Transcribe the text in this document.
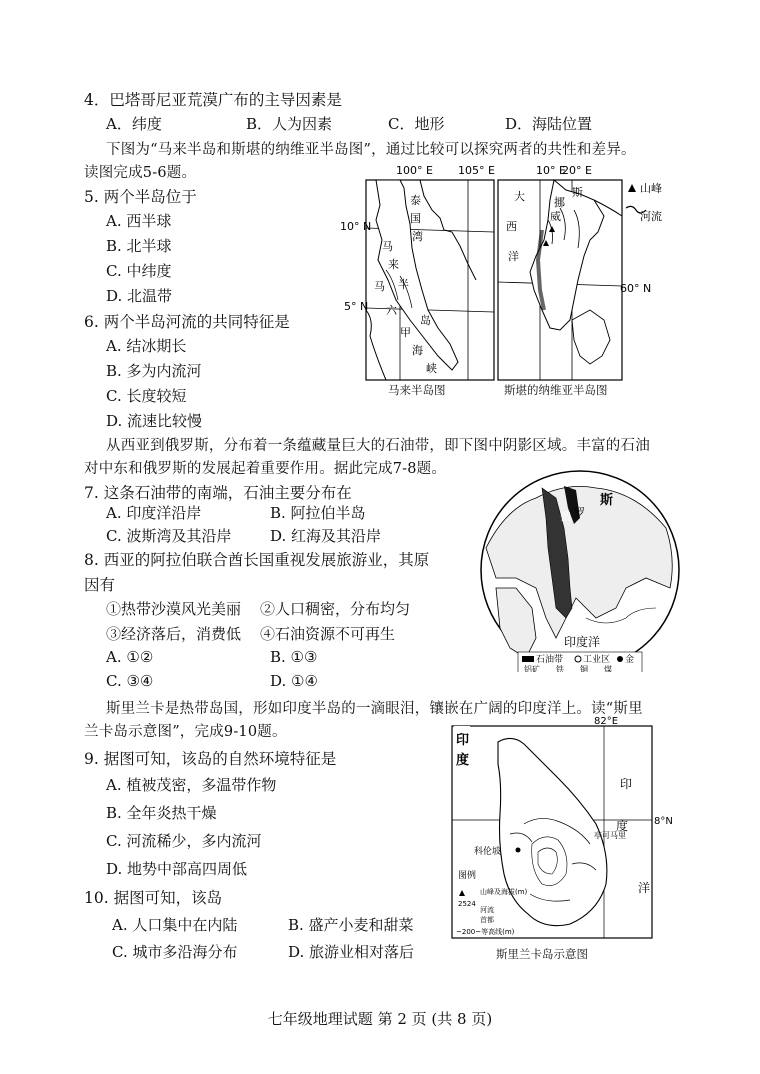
4．巴塔哥尼亚荒漠广布的主导因素是
A．纬度	B．人为因素	C．地形	D．海陆位置
下图为“马来半岛和斯堪的纳维亚半岛图”，通过比较可以探究两者的共性和差异。
读图完成5-6题。
5. 两个半岛位于
A. 西半球
B. 北半球
C. 中纬度
D. 北温带
6. 两个半岛河流的共同特征是
A. 结冰期长
B. 多为内流河
C. 长度较短
D. 流速比较慢
100° E 105° E
10° N
5° N
泰
国
湾
马
来
半
岛
马
六
甲
海
峡
马来半岛图
10° E
20° E
60° N
大
西
洋
斯
挪
威
山峰
河流
斯堪的纳维亚半岛图
从西亚到俄罗斯，分布着一条蕴藏量巨大的石油带，即下图中阴影区域。丰富的石油
对中东和俄罗斯的发展起着重要作用。据此完成7-8题。
7. 这条石油带的南端，石油主要分布在
A. 印度洋沿岸	B. 阿拉伯半岛
C. 波斯湾及其沿岸	D. 红海及其沿岸
8. 西亚的阿拉伯联合酋长国重视发展旅游业，其原
因有
①热带沙漠风光美丽 ②人口稠密，分布均匀
③经济落后，消费低 ④石油资源不可再生
A. ①②	B. ①③
C. ③④	D. ①④
俄 罗
斯
印度洋
石油带 工业区 金
铝矿 铁 铜 煤
斯里兰卡是热带岛国，形如印度半岛的一滴眼泪，镶嵌在广阔的印度洋上。读“斯里
兰卡岛示意图”，完成9-10题。
9. 据图可知，该岛的自然环境特征是
A. 植被茂密，多温带作物
B. 全年炎热干燥
C. 河流稀少，多内流河
D. 地势中部高四周低
10. 据图可知，该岛
A. 人口集中在内陆	B. 盛产小麦和甜菜
C. 城市多沿海分布	D. 旅游业相对落后
82°E
8°N
印
度
印
度
洋
亭可马里
科伦坡
图例
2524
山峰及海拔(m)
河流
首都
~200~等高线(m)
斯里兰卡岛示意图
七年级地理试题 第 2 页 (共 8 页)
